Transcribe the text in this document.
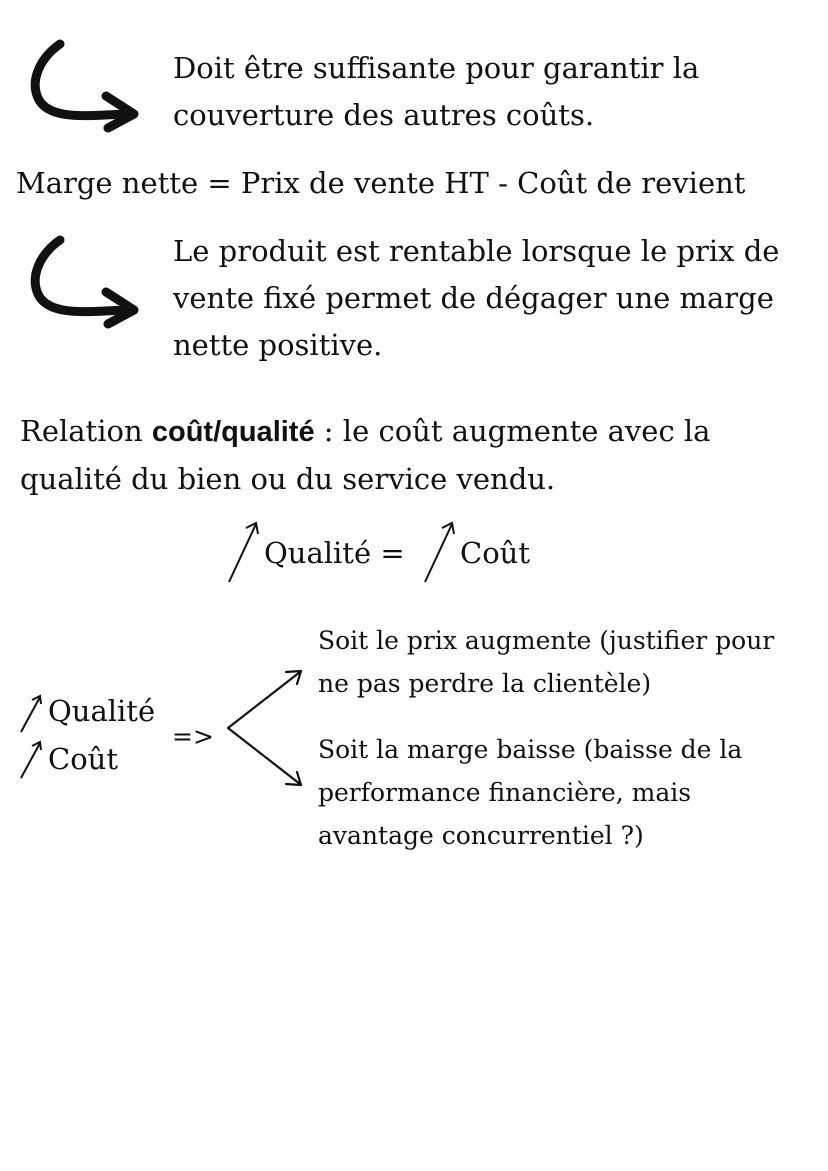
Doit être suffisante pour garantir la

couverture des autres coûts.

Marge nette = Prix de vente HT - Coût de revient

Le produit est rentable lorsque le prix de

vente fixé permet de dégager une marge

nette positive.

Relation coût/qualité : le coût augmente avec la

qualité du bien ou du service vendu.

Qualité = Coût

Qualité

Coût

=>

Soit le prix augmente (justifier pour

ne pas perdre la clientèle)

Soit la marge baisse (baisse de la

performance financière, mais

avantage concurrentiel ?)
